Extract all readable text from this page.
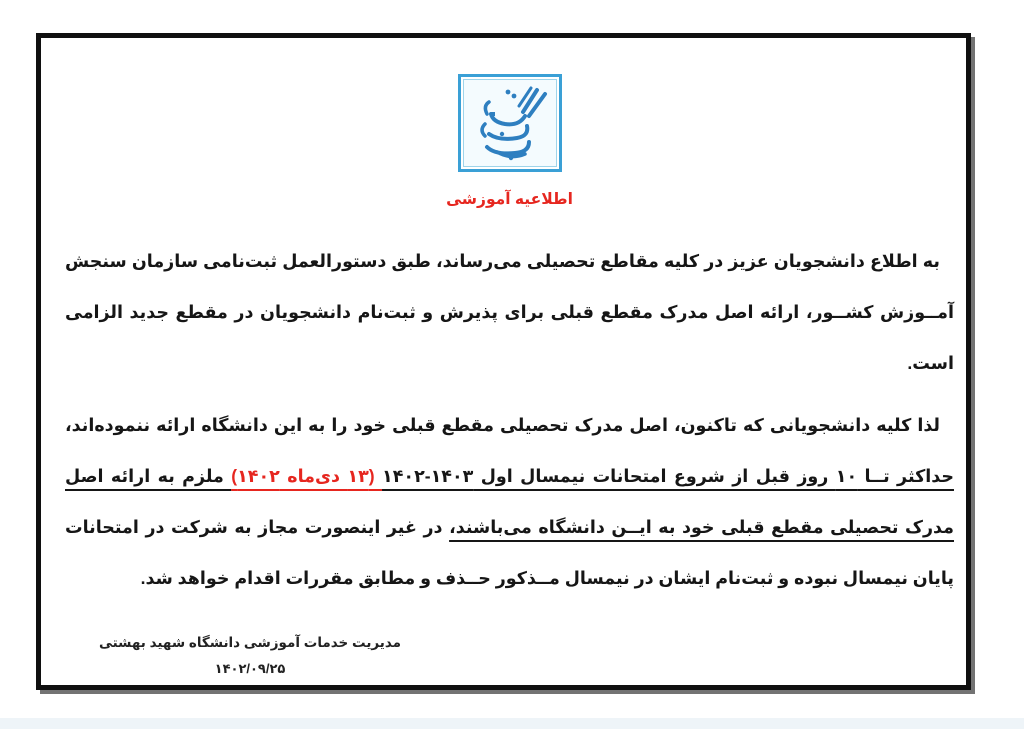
اطلاعیه آموزشی

به اطلاع دانشجویان عزیز در کلیه مقاطع تحصیلی می‌رساند، طبق دستورالعمل ثبت‌نامی سازمان سنجش آمــوزش کشــور، ارائه اصل مدرک مقطع قبلی برای پذیرش و ثبت‌نام دانشجویان در مقطع جدید الزامی است.

لذا کلیه دانشجویانی که تاکنون، اصل مدرک تحصیلی مقطع قبلی خود را به این دانشگاه ارائه ننموده‌اند، حداکثر تــا ۱۰ روز قبل از شروع امتحانات نیمسال اول ۱۴۰۲-۱۴۰۳ (۱۳ دی‌ماه ۱۴۰۲) ملزم به ارائه اصل مدرک تحصیلی مقطع قبلی خود به ایــن دانشگاه می‌باشند، در غیر اینصورت مجاز به شرکت در امتحانات پایان نیمسال نبوده و ثبت‌نام ایشان در نیمسال مــذکور حــذف و مطابق مقررات اقدام خواهد شد.

مدیریت خدمات آموزشی دانشگاه شهید بهشتی
۱۴۰۲/۰۹/۲۵
